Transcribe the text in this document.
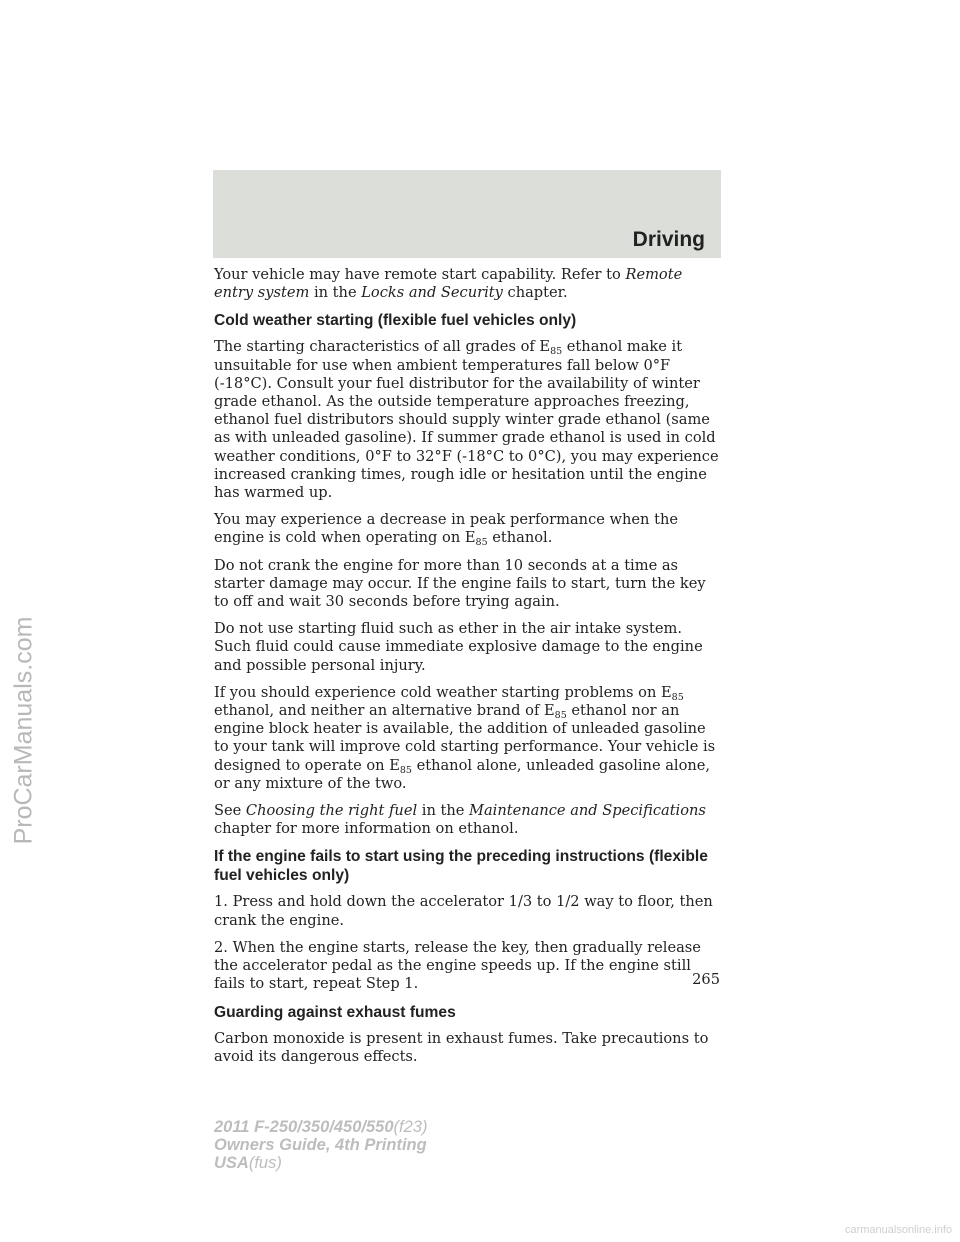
Driving
ProCarManuals.com

Your vehicle may have remote start capability. Refer to Remote entry system in the Locks and Security chapter.

Cold weather starting (flexible fuel vehicles only)

The starting characteristics of all grades of $E_{85}$ ethanol make it unsuitable for use when ambient temperatures fall below 0°F (-18°C). Consult your fuel distributor for the availability of winter grade ethanol. As the outside temperature approaches freezing, ethanol fuel distributors should supply winter grade ethanol (same as with unleaded gasoline). If summer grade ethanol is used in cold weather conditions, 0°F to 32°F (-18°C to 0°C), you may experience increased cranking times, rough idle or hesitation until the engine has warmed up.

You may experience a decrease in peak performance when the engine is cold when operating on $E_{85}$ ethanol.

Do not crank the engine for more than 10 seconds at a time as starter damage may occur. If the engine fails to start, turn the key to off and wait 30 seconds before trying again.

Do not use starting fluid such as ether in the air intake system. Such fluid could cause immediate explosive damage to the engine and possible personal injury.

If you should experience cold weather starting problems on $E_{85}$ ethanol, and neither an alternative brand of $E_{85}$ ethanol nor an engine block heater is available, the addition of unleaded gasoline to your tank will improve cold starting performance. Your vehicle is designed to operate on $E_{85}$ ethanol alone, unleaded gasoline alone, or any mixture of the two.

See Choosing the right fuel in the Maintenance and Specifications chapter for more information on ethanol.

If the engine fails to start using the preceding instructions (flexible fuel vehicles only)

1. Press and hold down the accelerator 1/3 to 1/2 way to floor, then crank the engine.

2. When the engine starts, release the key, then gradually release the accelerator pedal as the engine speeds up. If the engine still fails to start, repeat Step 1.

Guarding against exhaust fumes

Carbon monoxide is present in exhaust fumes. Take precautions to avoid its dangerous effects.

265
2011 F-250/350/450/550(f23)
Owners Guide, 4th Printing
USA(fus)
carmanualsonline.info
